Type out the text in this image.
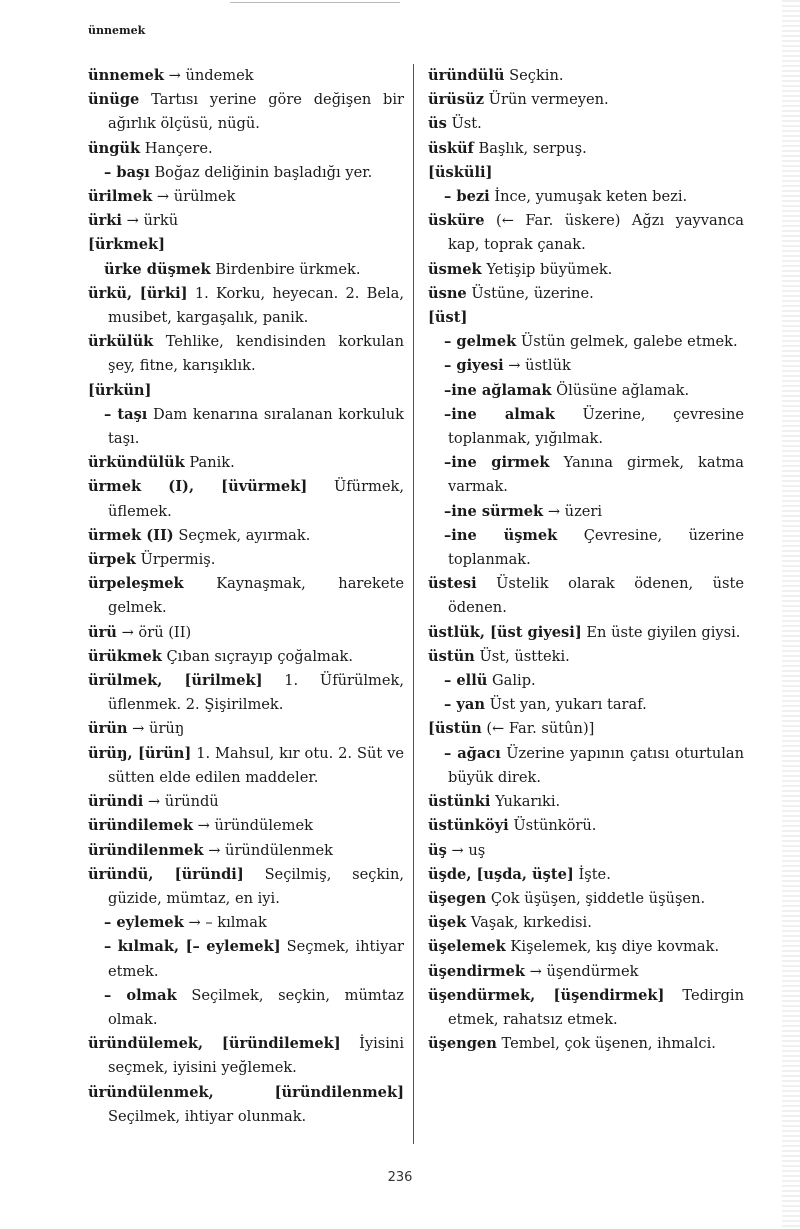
ünnemek

ünnemek → ündemek

ünüge Tartısı yerine göre değişen bir ağırlık ölçüsü, nügü.

üngük Hançere.

– başı Boğaz deliğinin başladığı yer.

ürilmek → ürülmek

ürki → ürkü

[ürkmek]

ürke düşmek Birdenbire ürkmek.

ürkü, [ürki] 1. Korku, heyecan. 2. Bela, musibet, kargaşalık, panik.

ürkülük Tehlike, kendisinden korkulan şey, fitne, karışıklık.

[ürkün]

– taşı Dam kenarına sıralanan korkuluk taşı.

ürkündülük Panik.

ürmek (I), [üvürmek] Üfürmek, üflemek.

ürmek (II) Seçmek, ayırmak.

ürpek Ürpermiş.

ürpeleşmek Kaynaşmak, harekete gelmek.

ürü → örü (II)

ürükmek Çıban sıçrayıp çoğalmak.

ürülmek, [ürilmek] 1. Üfürülmek, üflenmek. 2. Şişirilmek.

ürün → ürüŋ

ürüŋ, [ürün] 1. Mahsul, kır otu. 2. Süt ve sütten elde edilen maddeler.

üründi → üründü

üründilemek → üründülemek

üründilenmek → üründülenmek

üründü, [üründi] Seçilmiş, seçkin, güzide, mümtaz, en iyi.

– eylemek → – kılmak

– kılmak, [– eylemek] Seçmek, ihtiyar etmek.

– olmak Seçilmek, seçkin, mümtaz olmak.

üründülemek, [üründilemek] İyisini seçmek, iyisini yeğlemek.

üründülenmek, [üründilenmek] Seçilmek, ihtiyar olunmak.

üründülü Seçkin.

ürüsüz Ürün vermeyen.

üs Üst.

üsküf Başlık, serpuş.

[üsküli]

– bezi İnce, yumuşak keten bezi.

üsküre (← Far. üskere) Ağzı yayvanca kap, toprak çanak.

üsmek Yetişip büyümek.

üsne Üstüne, üzerine.

[üst]

– gelmek Üstün gelmek, galebe etmek.

– giyesi → üstlük

–ine ağlamak Ölüsüne ağlamak.

–ine almak Üzerine, çevresine toplanmak, yığılmak.

–ine girmek Yanına girmek, katma varmak.

–ine sürmek → üzeri

–ine üşmek Çevresine, üzerine toplanmak.

üstesi Üstelik olarak ödenen, üste ödenen.

üstlük, [üst giyesi] En üste giyilen giysi.

üstün Üst, üstteki.

– ellü Galip.

– yan Üst yan, yukarı taraf.

[üstün (← Far. sütûn)]

– ağacı Üzerine yapının çatısı oturtulan büyük direk.

üstünki Yukarıki.

üstünköyi Üstünkörü.

üş → uş

üşde, [uşda, üşte] İşte.

üşegen Çok üşüşen, şiddetle üşüşen.

üşek Vaşak, kırkedisi.

üşelemek Kişelemek, kış diye kovmak.

üşendirmek → üşendürmek

üşendürmek, [üşendirmek] Tedirgin etmek, rahatsız etmek.

üşengen Tembel, çok üşenen, ihmalci.

236
